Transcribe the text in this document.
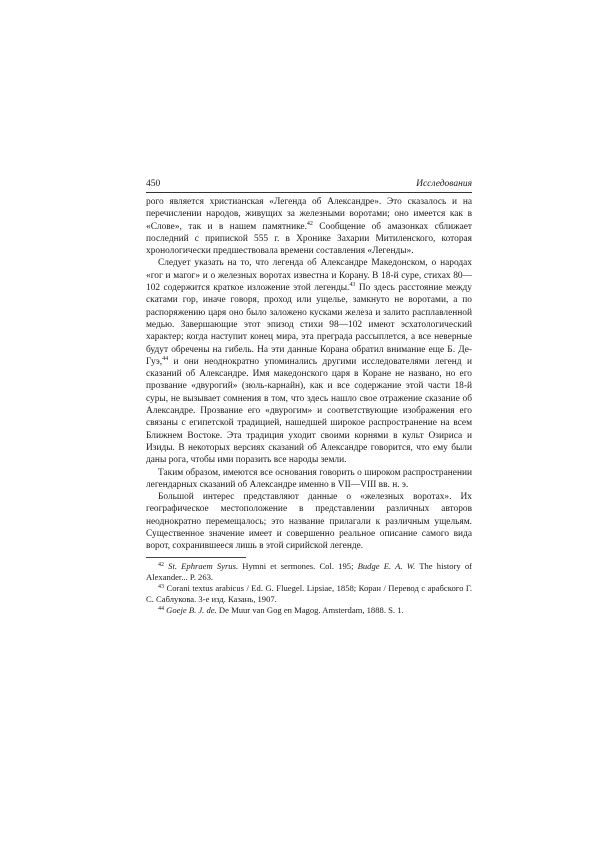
450	Исследования

рого является христианская «Легенда об Александре». Это сказалось и на перечислении народов, живущих за железными воротами; оно имеется как в «Слове», так и в нашем памятнике.$^{42}$ Сообщение об амазонках сближает последний с припиской 555 г. в Хронике Захарии Митиленского, которая хронологически предшествовала времени составления «Легенды».

Следует указать на то, что легенда об Александре Македонском, о народах «гог и магог» и о железных воротах известна и Корану. В 18-й суре, стихах 80—102 содержится краткое изложение этой легенды.$^{43}$ По здесь расстояние между скатами гор, иначе говоря, проход или ущелье, замкнуто не воротами, а по распоряжению царя оно было заложено кусками железа и залито расплавленной медью. Завершающие этот эпизод стихи 98—102 имеют эсхатологический характер; когда наступит конец мира, эта преграда рассыплется, а все неверные будут обречены на гибель. На эти данные Корана обратил внимание еще Б. Де-Гуэ,$^{44}$ и они неоднократно упоминались другими исследователями легенд и сказаний об Александре. Имя македонского царя в Коране не названо, но его прозвание «двурогий» (зюль-карнайн), как и все содержание этой части 18-й суры, не вызывает сомнения в том, что здесь нашло свое отражение сказание об Александре. Прозвание его «двурогим» и соответствующие изображения его связаны с египетской традицией, нашедшей широкое распространение на всем Ближнем Востоке. Эта традиция уходит своими корнями в культ Озириса и Изиды. В некоторых версиях сказаний об Александре говорится, что ему были даны рога, чтобы ими поразить все народы земли.

Таким образом, имеются все основания говорить о широком распространении легендарных сказаний об Александре именно в VII—VIII вв. н. э.

Большой интерес представляют данные о «железных воротах». Их географическое местоположение в представлении различных авторов неоднократно перемещалось; это название прилагали к различным ущельям. Существенное значение имеет и совершенно реальное описание самого вида ворот, сохранившееся лишь в этой сирийской легенде.

$^{42}$ St. Ephraem Syrus. Hymni et sermones. Col. 195; Budge E. A. W. The history of Alexander... P. 263.

$^{43}$ Corani textus arabicus / Ed. G. Fluegel. Lipsiae, 1858; Коран / Перевод с арабского Г. С. Саблукова. 3-е изд. Казань, 1907.

$^{44}$ Goeje B. J. de. De Muur van Gog en Magog. Amsterdam, 1888. S. 1.
